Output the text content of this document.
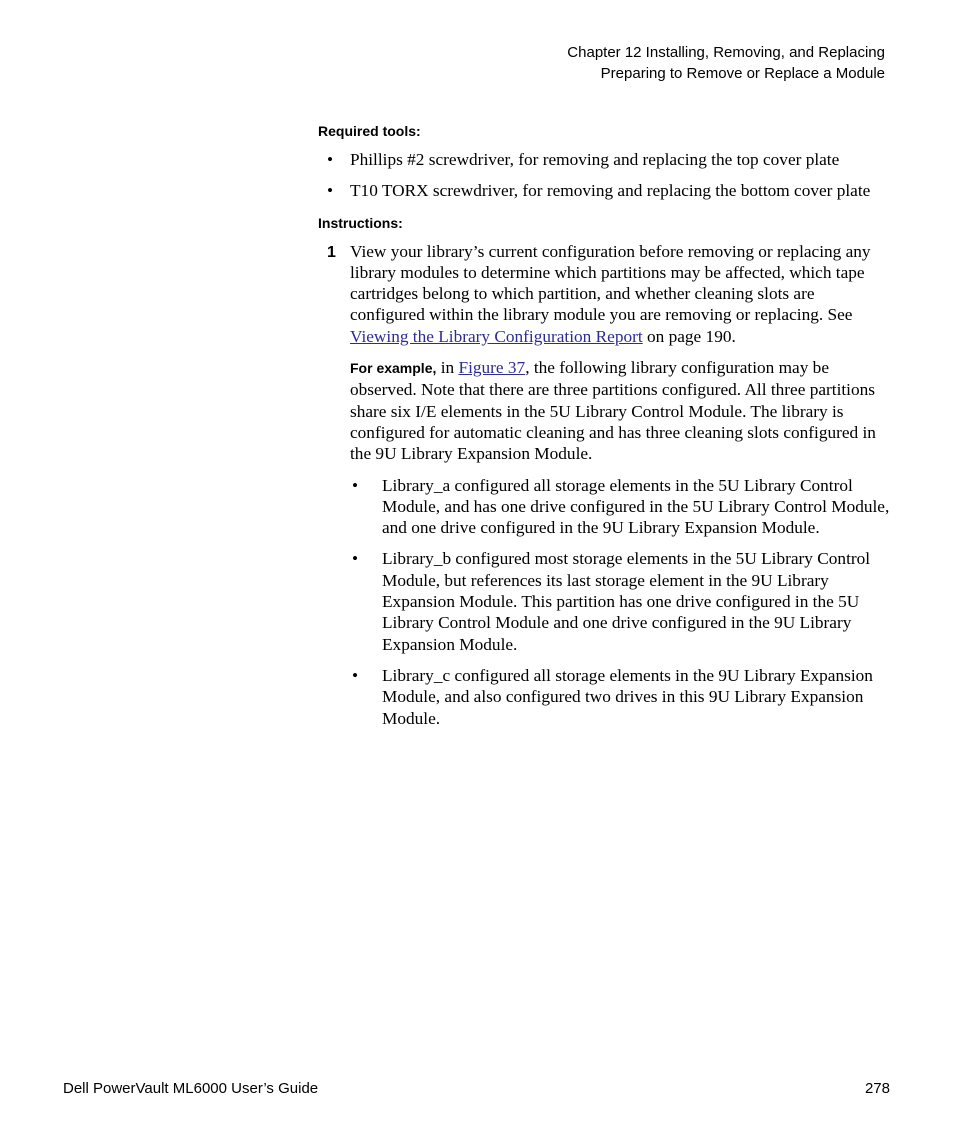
Chapter 12 Installing, Removing, and Replacing
Preparing to Remove or Replace a Module

Required tools:

• Phillips #2 screwdriver, for removing and replacing the top cover plate
• T10 TORX screwdriver, for removing and replacing the bottom cover plate

Instructions:

1 View your library’s current configuration before removing or replacing any library modules to determine which partitions may be affected, which tape cartridges belong to which partition, and whether cleaning slots are configured within the library module you are removing or replacing. See Viewing the Library Configuration Report on page 190.
For example, in Figure 37, the following library configuration may be observed. Note that there are three partitions configured. All three partitions share six I/E elements in the 5U Library Control Module. The library is configured for automatic cleaning and has three cleaning slots configured in the 9U Library Expansion Module.
• Library_a configured all storage elements in the 5U Library Control Module, and has one drive configured in the 5U Library Control Module, and one drive configured in the 9U Library Expansion Module.
• Library_b configured most storage elements in the 5U Library Control Module, but references its last storage element in the 9U Library Expansion Module. This partition has one drive configured in the 5U Library Control Module and one drive configured in the 9U Library Expansion Module.
• Library_c configured all storage elements in the 9U Library Expansion Module, and also configured two drives in this 9U Library Expansion Module.
Dell PowerVault ML6000 User’s Guide	278
